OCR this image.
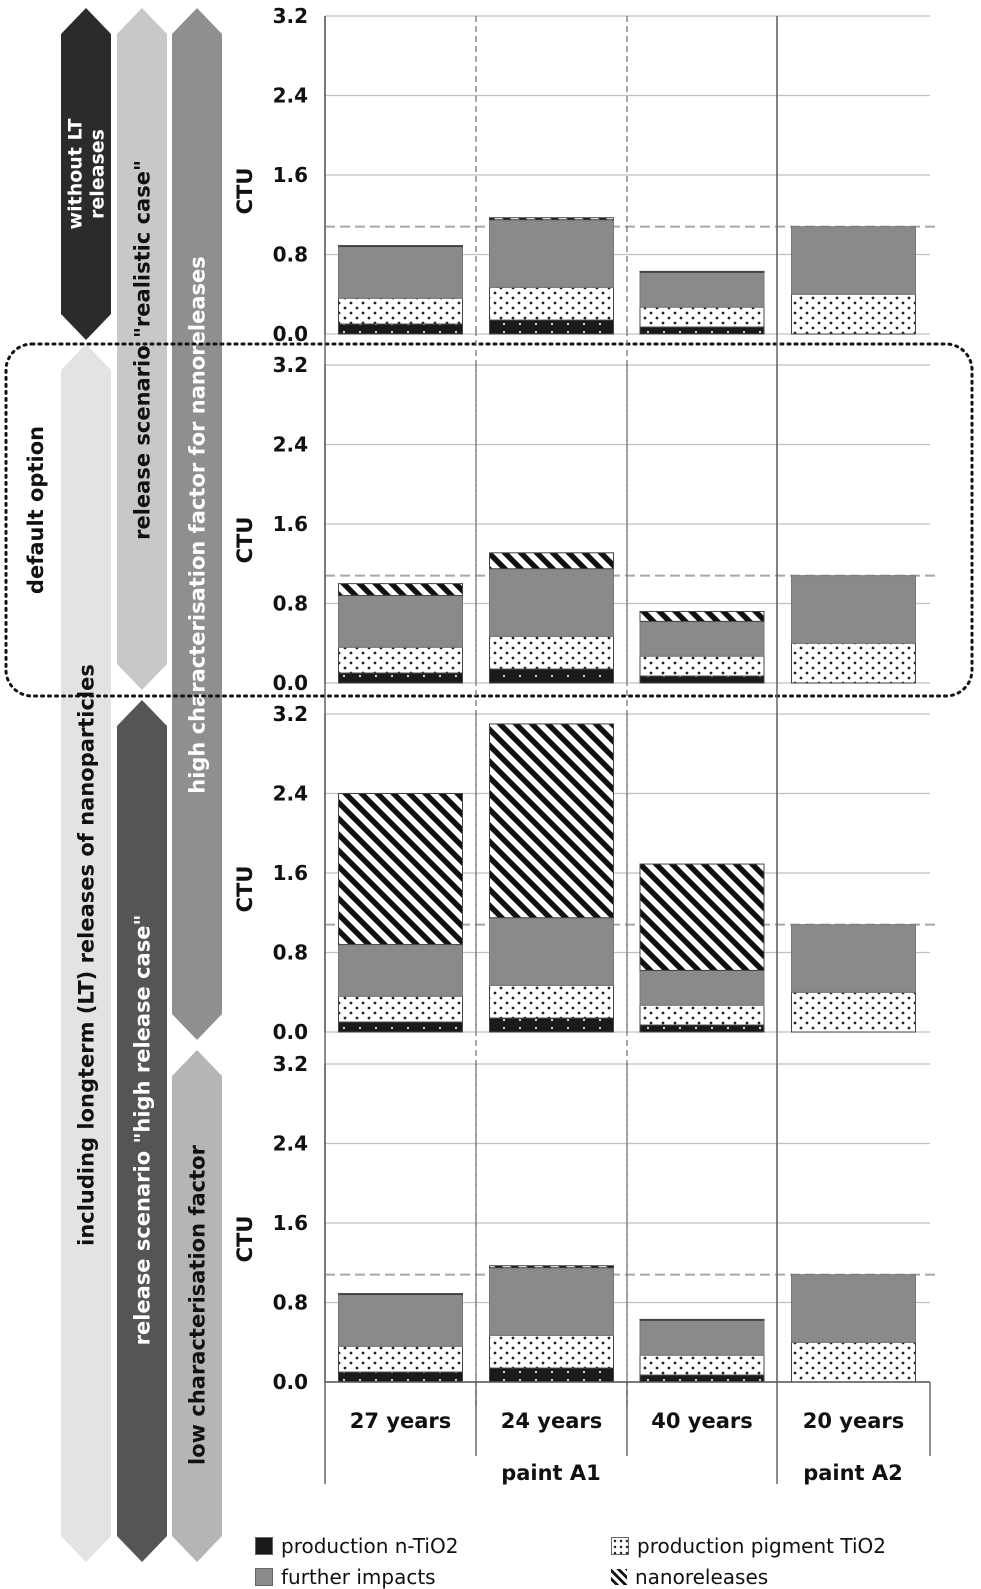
without LT releases
including longterm (LT) releases of nanoparticles
release scenario "realistic case"
release scenario "high release case"
high characterisation factor for nanoreleases
low characterisation factor
default option
0.0
0.8
1.6
2.4
3.2
CTU
0.0
0.8
1.6
2.4
3.2
CTU
0.0
0.8
1.6
2.4
3.2
CTU
0.0
0.8
1.6
2.4
3.2
CTU
27 years 24 years 40 years 20 years
paint A1	paint A2
production n-TiO2	production pigment TiO2
further impacts	nanoreleases
